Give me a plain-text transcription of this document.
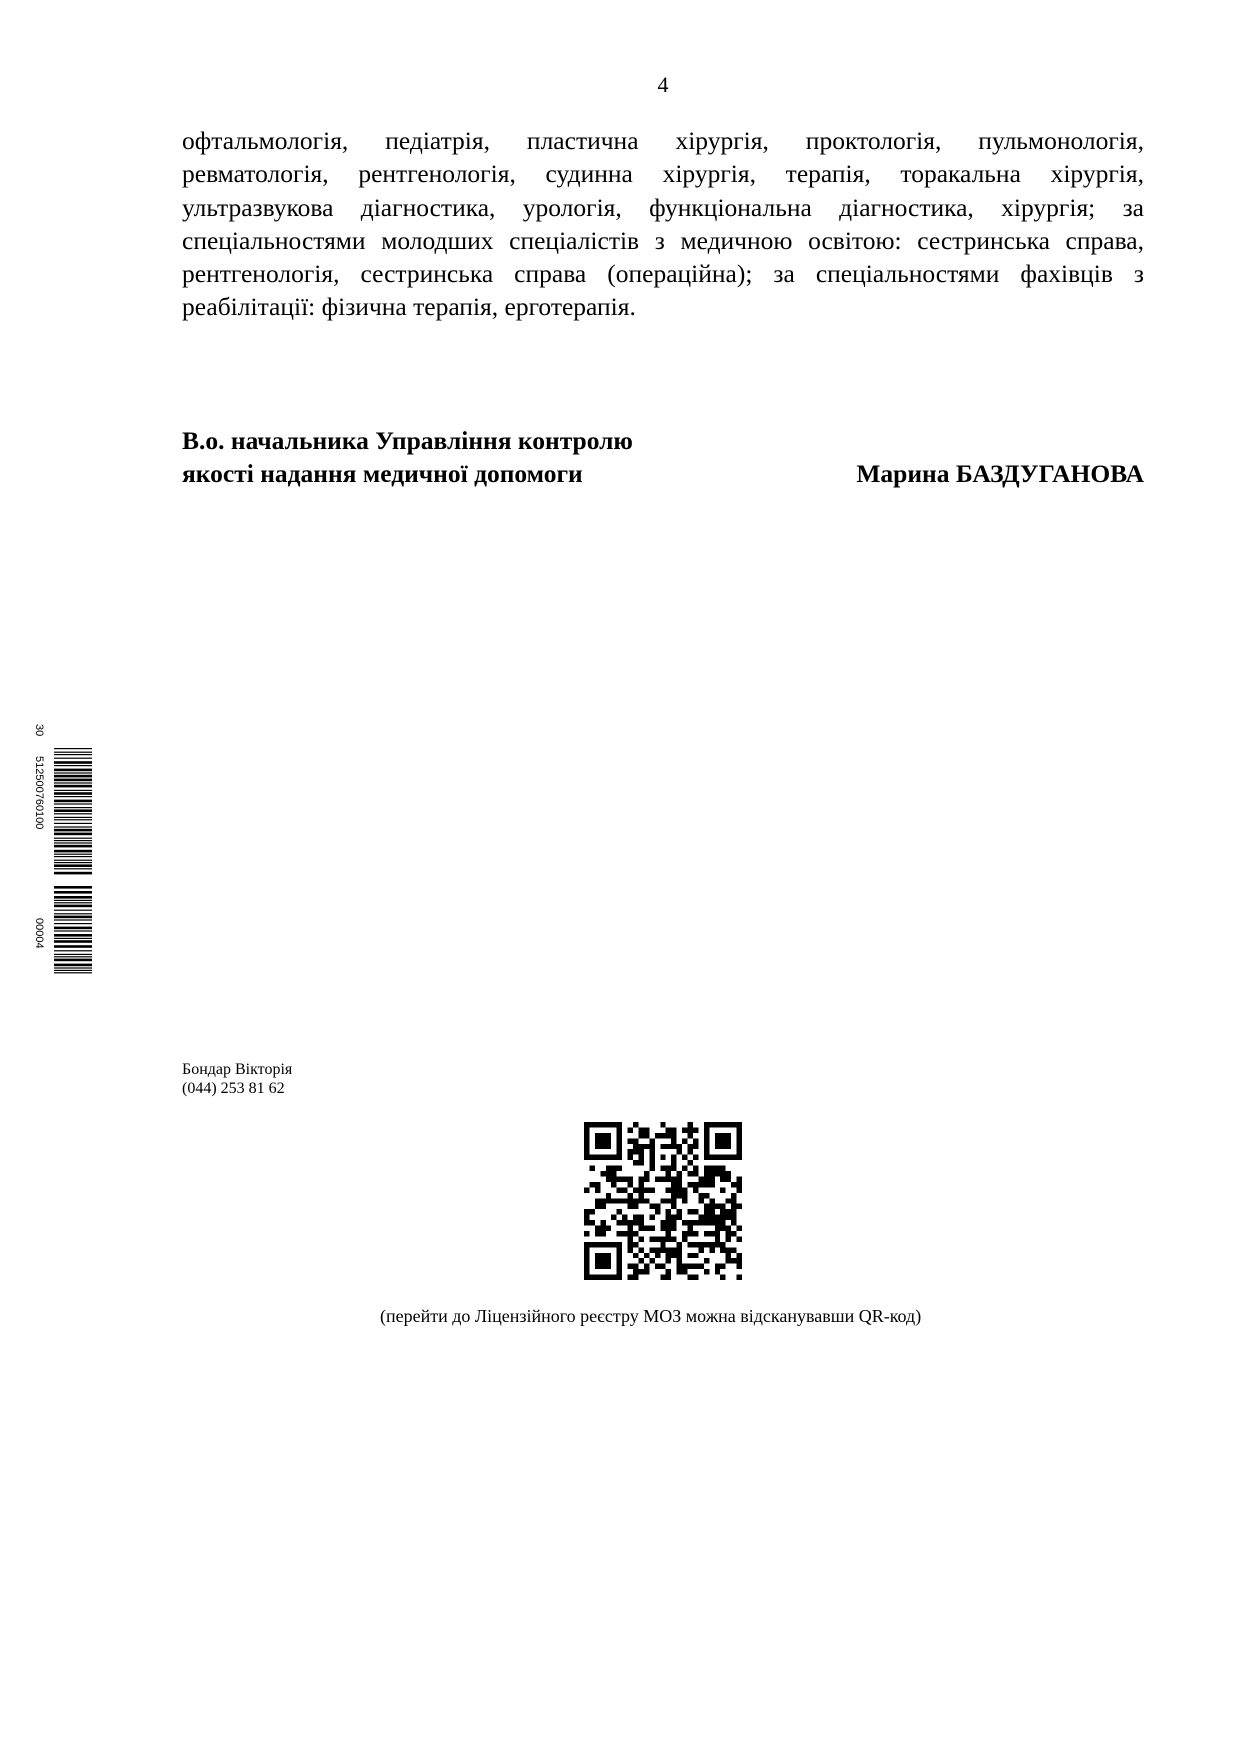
4

офтальмологія, педіатрія, пластична хірургія, проктологія, пульмонологія, ревматологія, рентгенологія, судинна хірургія, терапія, торакальна хірургія, ультразвукова діагностика, урологія, функціональна діагностика, хірургія; за спеціальностями молодших спеціалістів з медичною освітою: сестринська справа, рентгенологія, сестринська справа (операційна); за спеціальностями фахівців з реабілітації: фізична терапія, ерготерапія.

В.о. начальника Управління контролю
якості надання медичної допомоги	Марина БАЗДУГАНОВА
30
512500760100
00004
Бондар Вікторія
(044) 253 81 62
(перейти до Ліцензійного реєстру МОЗ можна відсканувавши QR-код)
